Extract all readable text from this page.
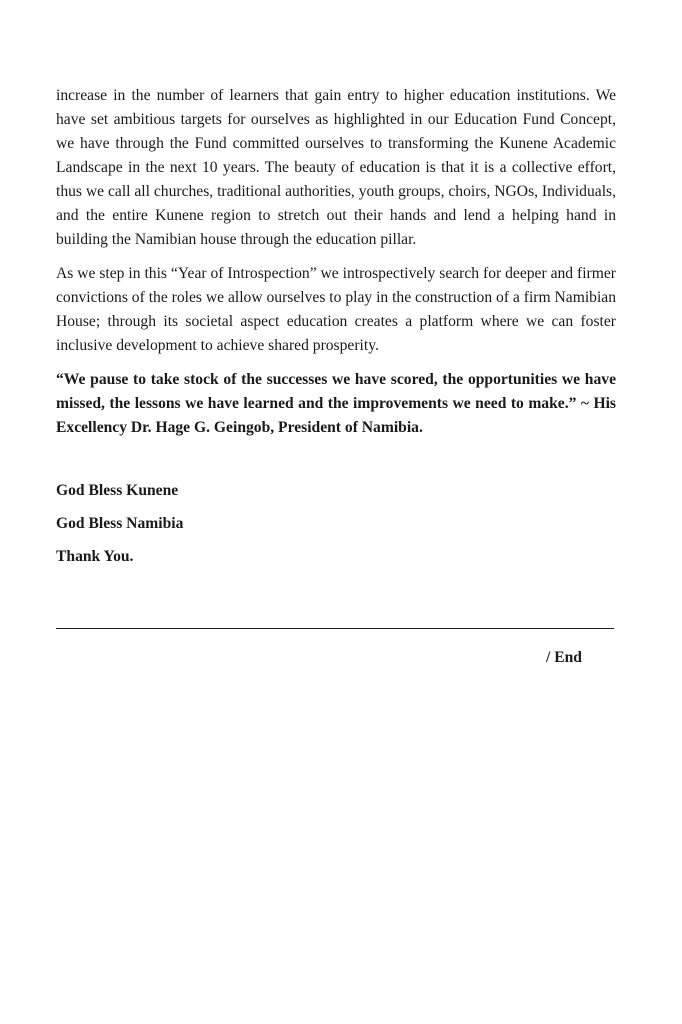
increase in the number of learners that gain entry to higher education institutions. We have set ambitious targets for ourselves as highlighted in our Education Fund Concept, we have through the Fund committed ourselves to transforming the Kunene Academic Landscape in the next 10 years. The beauty of education is that it is a collective effort, thus we call all churches, traditional authorities, youth groups, choirs, NGOs, Individuals, and the entire Kunene region to stretch out their hands and lend a helping hand in building the Namibian house through the education pillar.

As we step in this “Year of Introspection” we introspectively search for deeper and firmer convictions of the roles we allow ourselves to play in the construction of a firm Namibian House; through its societal aspect education creates a platform where we can foster inclusive development to achieve shared prosperity.

“We pause to take stock of the successes we have scored, the opportunities we have missed, the lessons we have learned and the improvements we need to make.” ~ His Excellency Dr. Hage G. Geingob, President of Namibia.

God Bless Kunene
God Bless Namibia
Thank You.
/ End
